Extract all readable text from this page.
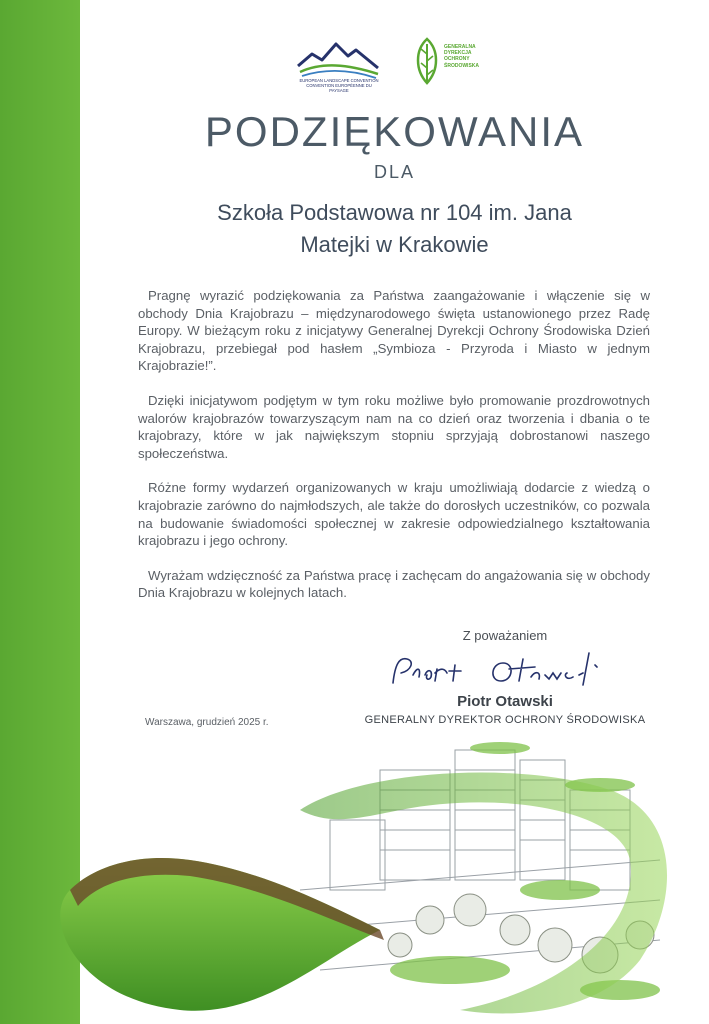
EUROPEAN LANDSCAPE CONVENTION
CONVENTION EUROPÉENNE DU PAYSAGE
GENERALNA
DYREKCJA
OCHRONY
ŚRODOWISKA
PODZIĘKOWANIA
DLA
Szkoła Podstawowa nr 104 im. Jana
Matejki w Krakowie

Pragnę wyrazić podziękowania za Państwa zaangażowanie i włączenie się w obchody Dnia Krajobrazu – międzynarodowego święta ustanowionego przez Radę Europy. W bieżącym roku z inicjatywy Generalnej Dyrekcji Ochrony Środowiska Dzień Krajobrazu, przebiegał pod hasłem „Symbioza - Przyroda i Miasto w jednym Krajobrazie!”.

Dzięki inicjatywom podjętym w tym roku możliwe było promowanie prozdrowotnych walorów krajobrazów towarzyszącym nam na co dzień oraz tworzenia i dbania o te krajobrazy, które w jak największym stopniu sprzyjają dobrostanowi naszego społeczeństwa.

Różne formy wydarzeń organizowanych w kraju umożliwiają dodarcie z wiedzą o krajobrazie zarówno do najmłodszych, ale także do dorosłych uczestników, co pozwala na budowanie świadomości społecznej w zakresie odpowiedzialnego kształtowania krajobrazu i jego ochrony.

Wyrażam wdzięczność za Państwa pracę i zachęcam do angażowania się w obchody Dnia Krajobrazu w kolejnych latach.

Z poważaniem
Piotr Otawski
GENERALNY DYREKTOR OCHRONY ŚRODOWISKA
Warszawa, grudzień 2025 r.
